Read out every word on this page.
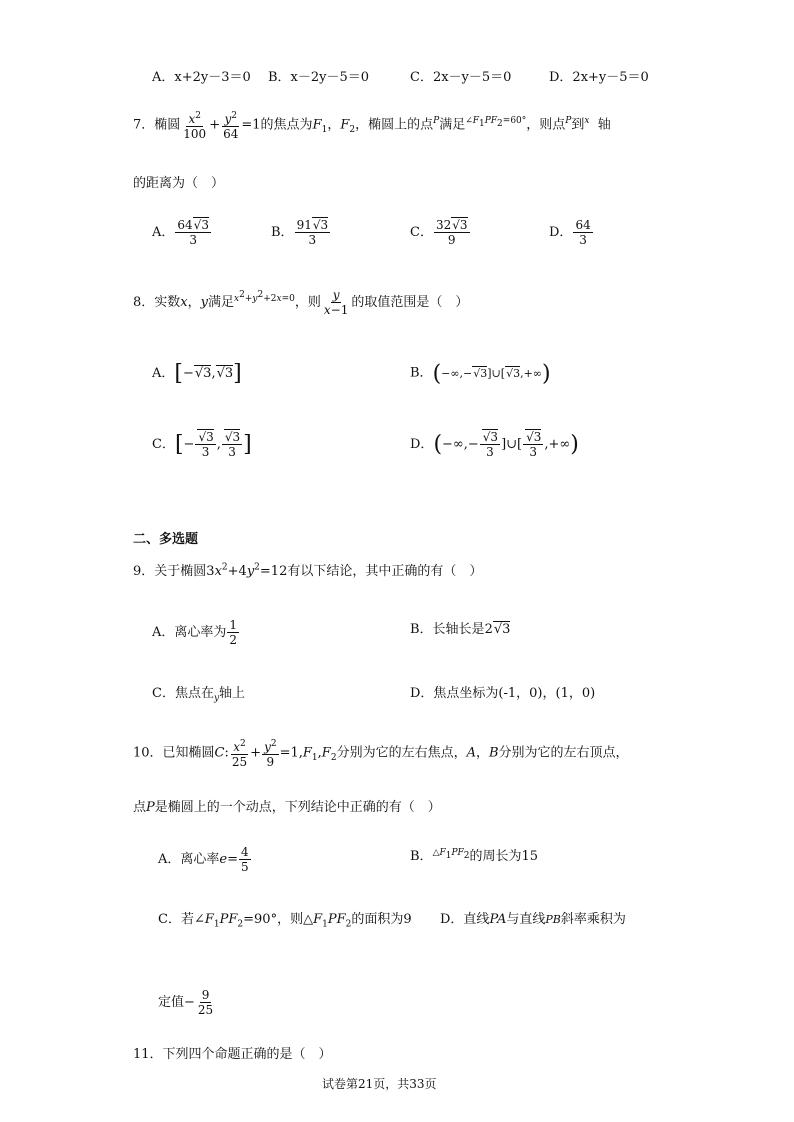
A．x+2y－3＝0 B．x－2y－5＝0	C．2x－y－5＝0	D．2x+y－5＝0
7．椭圆 $\frac{x^2}{100} + \frac{y^2}{64} =1$的焦点为$F_1$，$F_2$，椭圆上的点$^P$满足$^{\angle F_1PF_2=60^\circ}$，则点$^P$到$^x$ 轴
的距离为（　）
A． $\frac{64√3}{3}$	B． $\frac{91√3}{3}$	C． $\frac{32√3}{9}$	D． $\frac{64}{3}$
8．实数x，y满足$^{x^2+y^2+2x=0}$，则 $\frac{y}{x-1}$ 的取值范围是（　）
A．[−√3,√3]	B．(−∞,−√3]∪[√3,+∞)
C．[− $\frac{√3}{3}$ , $\frac{√3}{3}$ ]	D．(−∞,− $\frac{√3}{3}$ ]∪[ $\frac{√3}{3}$ ,+∞)
二、多选题
9．关于椭圆$3x^2+4y^2=12$有以下结论，其中正确的有（　）
A．离心率为 $\frac{1}{2}$	B．长轴长是2√3
C．焦点在$_y$轴上	D．焦点坐标为(-1，0)，(1，0)
10．已知椭圆C: $\frac{x^2}{25} + \frac{y^2}{9} =1,F_1,F_2$分别为它的左右焦点，A，B分别为它的左右顶点，
点P是椭圆上的一个动点，下列结论中正确的有（　）
A．离心率$e= \frac{4}{5}$	B．$^{\triangle F_1PF_2}$的周长为15
C．若$\angle F_1PF_2=90^\circ$，则$\triangle F_1PF_2$的面积为9 D．直线PA与直线PB斜率乘积为
定值− $\frac{9}{25}$
11．下列四个命题正确的是（　）
试卷第21页，共33页
